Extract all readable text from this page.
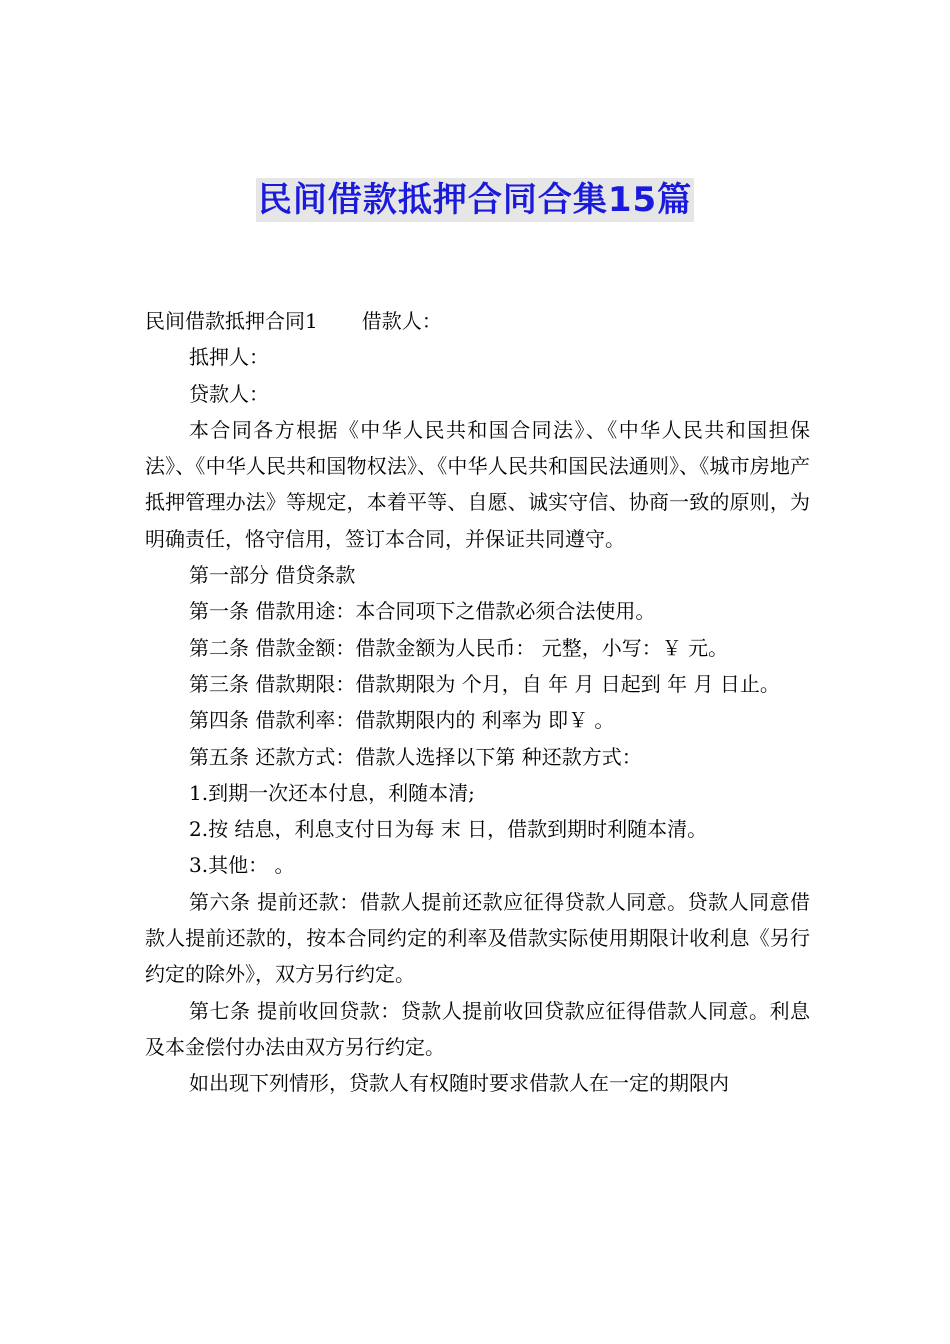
民间借款抵押合同合集15篇

民间借款抵押合同1 借款人：

抵押人：

贷款人：

本合同各方根据《中华人民共和国合同法》、《中华人民共和国担保法》、《中华人民共和国物权法》、《中华人民共和国民法通则》、《城市房地产抵押管理办法》等规定，本着平等、自愿、诚实守信、协商一致的原则，为明确责任，恪守信用，签订本合同，并保证共同遵守。

第一部分 借贷条款

第一条 借款用途：本合同项下之借款必须合法使用。

第二条 借款金额：借款金额为人民币： 元整，小写：￥ 元。

第三条 借款期限：借款期限为 个月，自 年 月 日起到 年 月 日止。

第四条 借款利率：借款期限内的 利率为 即￥ 。

第五条 还款方式：借款人选择以下第 种还款方式：

1.到期一次还本付息，利随本清;

2.按 结息，利息支付日为每 末 日，借款到期时利随本清。

3.其他： 。

第六条 提前还款：借款人提前还款应征得贷款人同意。贷款人同意借款人提前还款的，按本合同约定的利率及借款实际使用期限计收利息《另行约定的除外》，双方另行约定。

第七条 提前收回贷款：贷款人提前收回贷款应征得借款人同意。利息及本金偿付办法由双方另行约定。

如出现下列情形，贷款人有权随时要求借款人在一定的期限内
